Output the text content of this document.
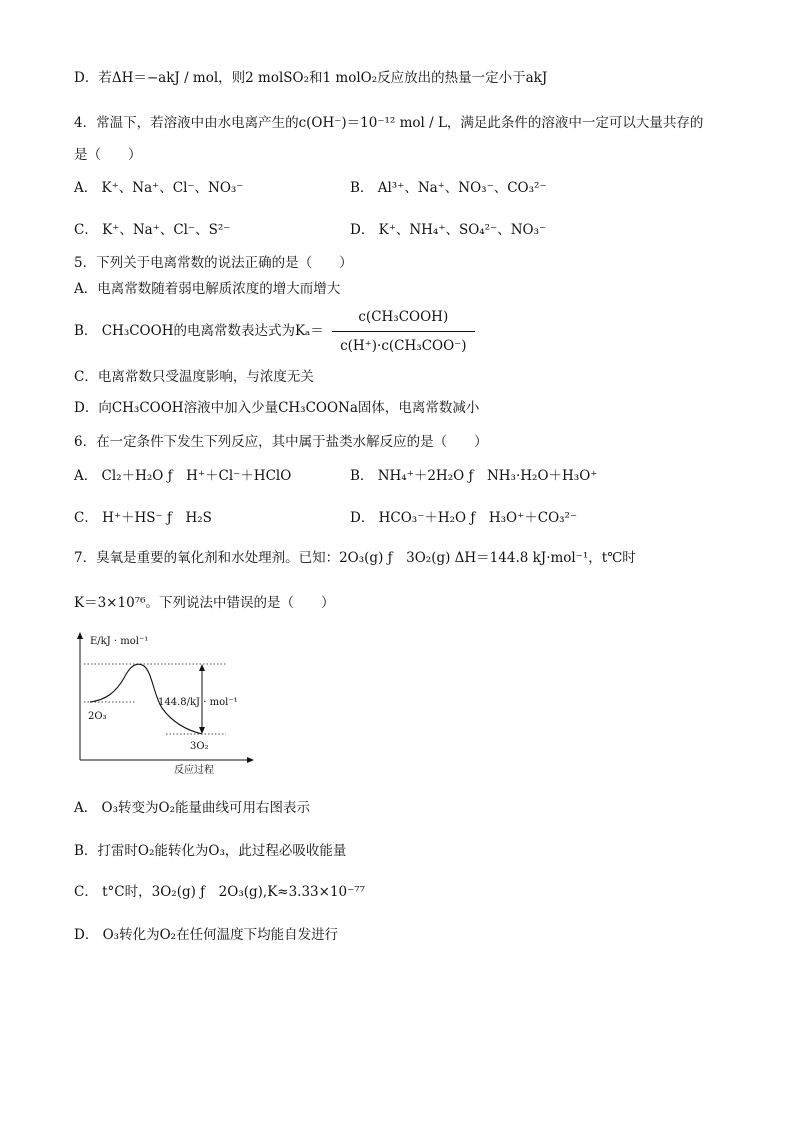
D．若ΔH＝−akJ / mol，则2 molSO₂和1 molO₂反应放出的热量一定小于akJ
4．常温下，若溶液中由水电离产生的c(OH⁻)＝10⁻¹² mol / L，满足此条件的溶液中一定可以大量共存的
是（　　）
A． K⁺、Na⁺、Cl⁻、NO₃⁻	B． Al³⁺、Na⁺、NO₃⁻、CO₃²⁻
C． K⁺、Na⁺、Cl⁻、S²⁻	D． K⁺、NH₄⁺、SO₄²⁻、NO₃⁻
5．下列关于电离常数的说法正确的是（　　）
A．电离常数随着弱电解质浓度的增大而增大
B． CH₃COOH的电离常数表达式为$K_a= \frac{\text{c(CH₃COOH)}}{\text{c(H⁺)·c(CH₃COO⁻)}}$
C．电离常数只受温度影响，与浓度无关
D．向CH₃COOH溶液中加入少量CH₃COONa固体，电离常数减小
6．在一定条件下发生下列反应，其中属于盐类水解反应的是（　　）
A． Cl₂＋H₂O ƒ　H⁺＋Cl⁻＋HClO	B． NH₄⁺＋2H₂O ƒ　NH₃·H₂O＋H₃O⁺
C． H⁺＋HS⁻ ƒ　H₂S	D． HCO₃⁻＋H₂O ƒ　H₃O⁺＋CO₃²⁻
7．臭氧是重要的氧化剂和水处理剂。已知：2O₃(g) ƒ　3O₂(g) ΔH＝144.8 kJ·mol⁻¹，t℃时
K＝3×10⁷⁶。下列说法中错误的是（　　）
E/kJ · mol⁻¹
2O₃
144.8/kJ · mol⁻¹
3O₂
反应过程
A． O₃转变为O₂能量曲线可用右图表示
B．打雷时O₂能转化为O₃，此过程必吸收能量
C． t°C时，3O₂(g) ƒ　2O₃(g),K≈3.33×10⁻⁷⁷
D． O₃转化为O₂在任何温度下均能自发进行
